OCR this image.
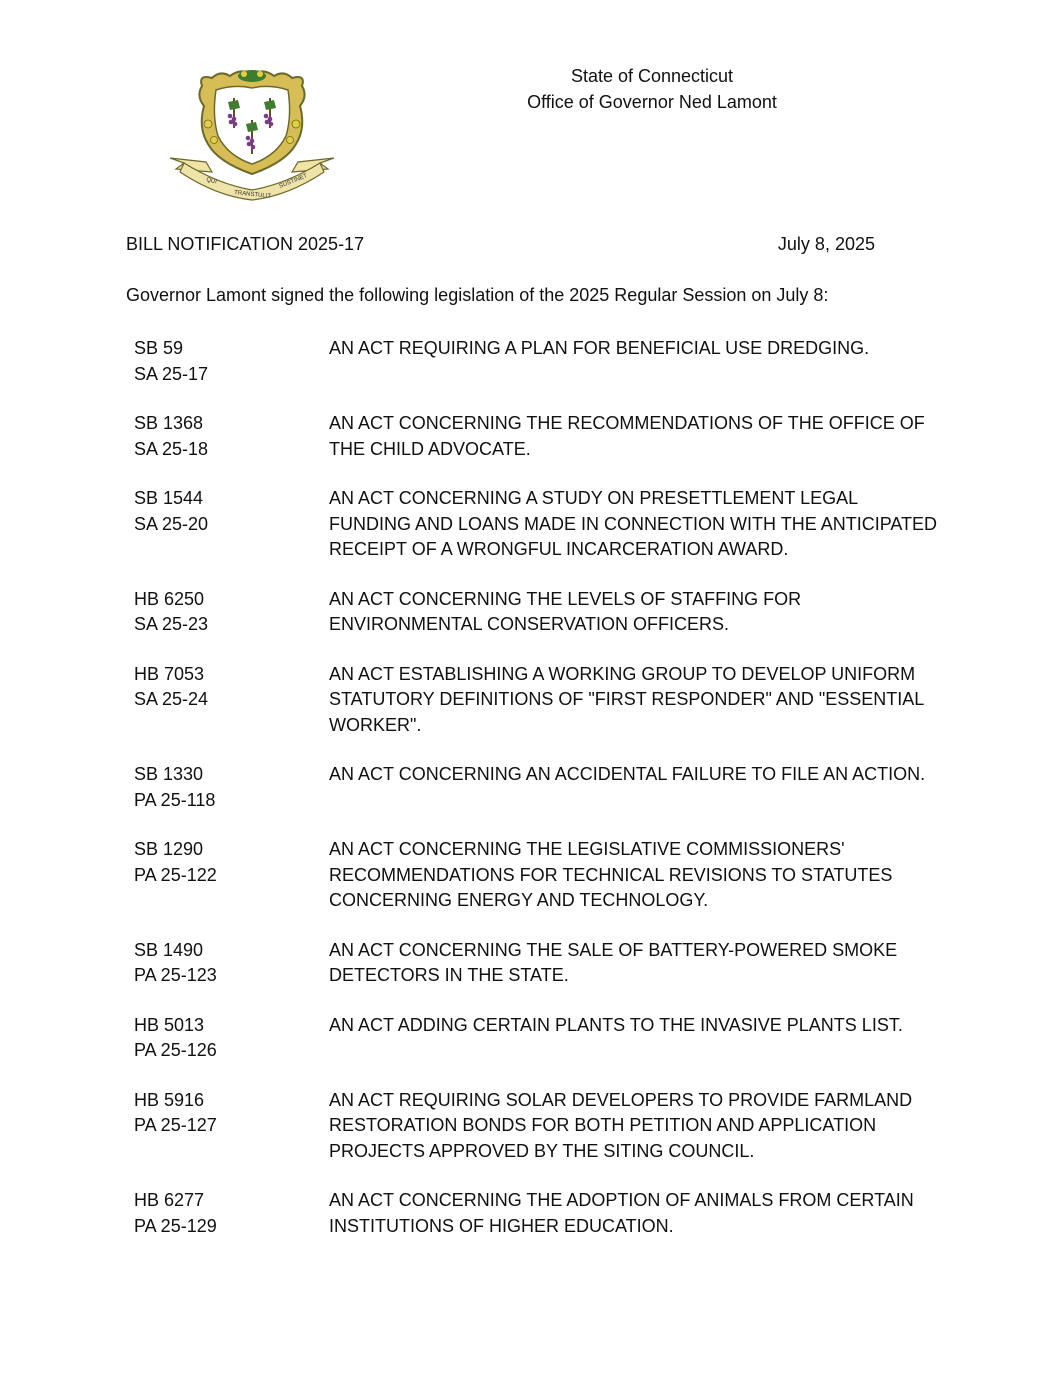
QUI
TRANSTULIT
SUSTINET
State of Connecticut
Office of Governor Ned Lamont
BILL NOTIFICATION 2025-17	July 8, 2025
Governor Lamont signed the following legislation of the 2025 Regular Session on July 8:
SB 59
SA 25-17
AN ACT REQUIRING A PLAN FOR BENEFICIAL USE DREDGING.
SB 1368
SA 25-18
AN ACT CONCERNING THE RECOMMENDATIONS OF THE OFFICE OF THE CHILD ADVOCATE.
SB 1544
SA 25-20
AN ACT CONCERNING A STUDY ON PRESETTLEMENT LEGAL FUNDING AND LOANS MADE IN CONNECTION WITH THE ANTICIPATED RECEIPT OF A WRONGFUL INCARCERATION AWARD.
HB 6250
SA 25-23
AN ACT CONCERNING THE LEVELS OF STAFFING FOR ENVIRONMENTAL CONSERVATION OFFICERS.
HB 7053
SA 25-24
AN ACT ESTABLISHING A WORKING GROUP TO DEVELOP UNIFORM STATUTORY DEFINITIONS OF "FIRST RESPONDER" AND "ESSENTIAL WORKER".
SB 1330
PA 25-118
AN ACT CONCERNING AN ACCIDENTAL FAILURE TO FILE AN ACTION.
SB 1290
PA 25-122
AN ACT CONCERNING THE LEGISLATIVE COMMISSIONERS' RECOMMENDATIONS FOR TECHNICAL REVISIONS TO STATUTES CONCERNING ENERGY AND TECHNOLOGY.
SB 1490
PA 25-123
AN ACT CONCERNING THE SALE OF BATTERY-POWERED SMOKE DETECTORS IN THE STATE.
HB 5013
PA 25-126
AN ACT ADDING CERTAIN PLANTS TO THE INVASIVE PLANTS LIST.
HB 5916
PA 25-127
AN ACT REQUIRING SOLAR DEVELOPERS TO PROVIDE FARMLAND RESTORATION BONDS FOR BOTH PETITION AND APPLICATION PROJECTS APPROVED BY THE SITING COUNCIL.
HB 6277
PA 25-129
AN ACT CONCERNING THE ADOPTION OF ANIMALS FROM CERTAIN INSTITUTIONS OF HIGHER EDUCATION.
